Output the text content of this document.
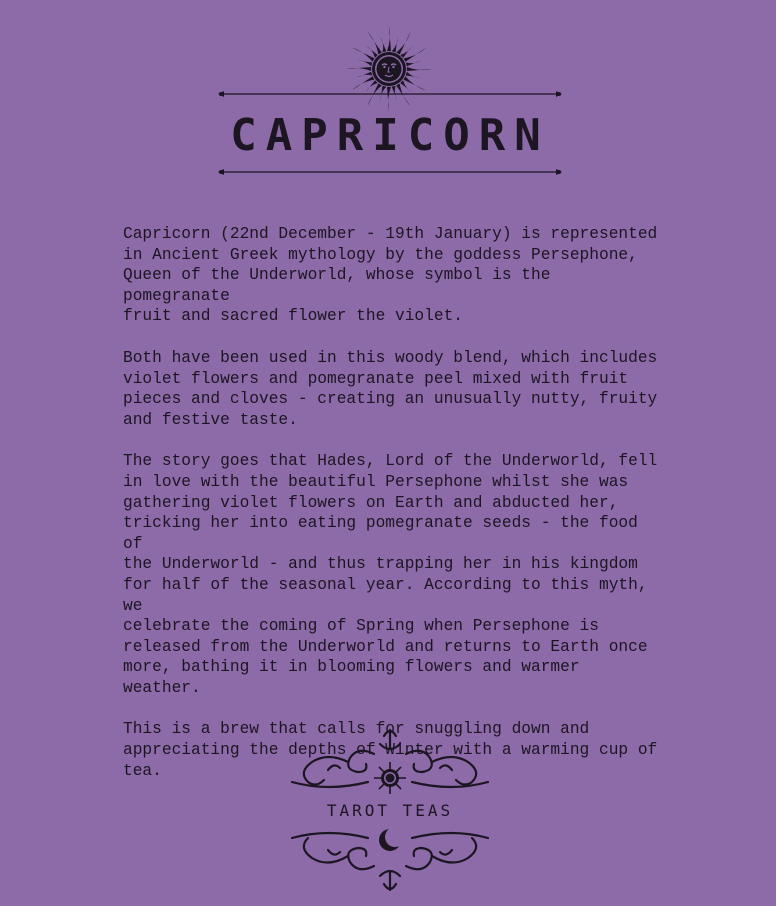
CAPRICORN

Capricorn (22nd December - 19th January) is represented
in Ancient Greek mythology by the goddess Persephone,
Queen of the Underworld, whose symbol is the pomegranate
fruit and sacred flower the violet.

Both have been used in this woody blend, which includes
violet flowers and pomegranate peel mixed with fruit
pieces and cloves - creating an unusually nutty, fruity
and festive taste.

The story goes that Hades, Lord of the Underworld, fell
in love with the beautiful Persephone whilst she was
gathering violet flowers on Earth and abducted her,
tricking her into eating pomegranate seeds - the food of
the Underworld - and thus trapping her in his kingdom
for half of the seasonal year. According to this myth, we
celebrate the coming of Spring when Persephone is
released from the Underworld and returns to Earth once
more, bathing it in blooming flowers and warmer weather.

This is a brew that calls for snuggling down and
appreciating the depths of Winter with a warming cup of
tea.

TAROT TEAS
